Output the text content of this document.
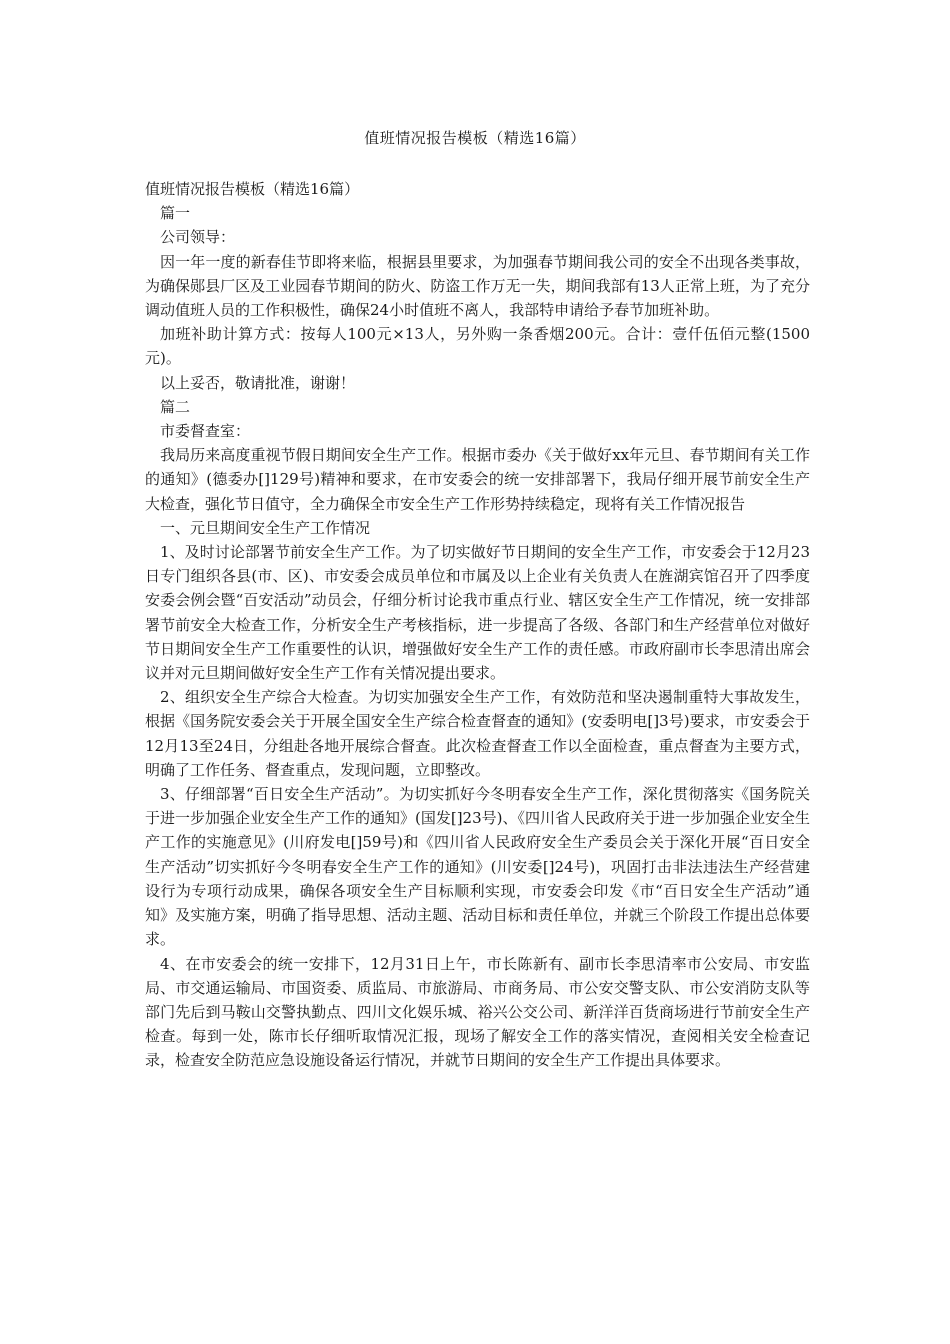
值班情况报告模板（精选16篇）

值班情况报告模板（精选16篇）

篇一

公司领导：

因一年一度的新春佳节即将来临，根据县里要求，为加强春节期间我公司的安全不出现各类事故，为确保郧县厂区及工业园春节期间的防火、防盗工作万无一失，期间我部有13人正常上班，为了充分调动值班人员的工作积极性，确保24小时值班不离人，我部特申请给予春节加班补助。

加班补助计算方式：按每人100元×13人，另外购一条香烟200元。合计：壹仟伍佰元整(1500元)。

以上妥否，敬请批准，谢谢！

篇二

市委督查室：

我局历来高度重视节假日期间安全生产工作。根据市委办《关于做好xx年元旦、春节期间有关工作的通知》(德委办[]129号)精神和要求，在市安委会的统一安排部署下，我局仔细开展节前安全生产大检查，强化节日值守，全力确保全市安全生产工作形势持续稳定，现将有关工作情况报告

一、元旦期间安全生产工作情况

1、及时讨论部署节前安全生产工作。为了切实做好节日期间的安全生产工作，市安委会于12月23日专门组织各县(市、区)、市安委会成员单位和市属及以上企业有关负责人在旌湖宾馆召开了四季度安委会例会暨“百安活动”动员会，仔细分析讨论我市重点行业、辖区安全生产工作情况，统一安排部署节前安全大检查工作，分析安全生产考核指标，进一步提高了各级、各部门和生产经营单位对做好节日期间安全生产工作重要性的认识，增强做好安全生产工作的责任感。市政府副市长李思清出席会议并对元旦期间做好安全生产工作有关情况提出要求。

2、组织安全生产综合大检查。为切实加强安全生产工作，有效防范和坚决遏制重特大事故发生，根据《国务院安委会关于开展全国安全生产综合检查督查的通知》(安委明电[]3号)要求，市安委会于12月13至24日，分组赴各地开展综合督查。此次检查督查工作以全面检查，重点督查为主要方式，明确了工作任务、督查重点，发现问题，立即整改。

3、仔细部署“百日安全生产活动”。为切实抓好今冬明春安全生产工作，深化贯彻落实《国务院关于进一步加强企业安全生产工作的通知》(国发[]23号)、《四川省人民政府关于进一步加强企业安全生产工作的实施意见》(川府发电[]59号)和《四川省人民政府安全生产委员会关于深化开展“百日安全生产活动”切实抓好今冬明春安全生产工作的通知》(川安委[]24号)，巩固打击非法违法生产经营建设行为专项行动成果，确保各项安全生产目标顺利实现，市安委会印发《市“百日安全生产活动”通知》及实施方案，明确了指导思想、活动主题、活动目标和责任单位，并就三个阶段工作提出总体要求。

4、在市安委会的统一安排下，12月31日上午，市长陈新有、副市长李思清率市公安局、市安监局、市交通运输局、市国资委、质监局、市旅游局、市商务局、市公安交警支队、市公安消防支队等部门先后到马鞍山交警执勤点、四川文化娱乐城、裕兴公交公司、新洋洋百货商场进行节前安全生产检查。每到一处，陈市长仔细听取情况汇报，现场了解安全工作的落实情况，查阅相关安全检查记录，检查安全防范应急设施设备运行情况，并就节日期间的安全生产工作提出具体要求。
